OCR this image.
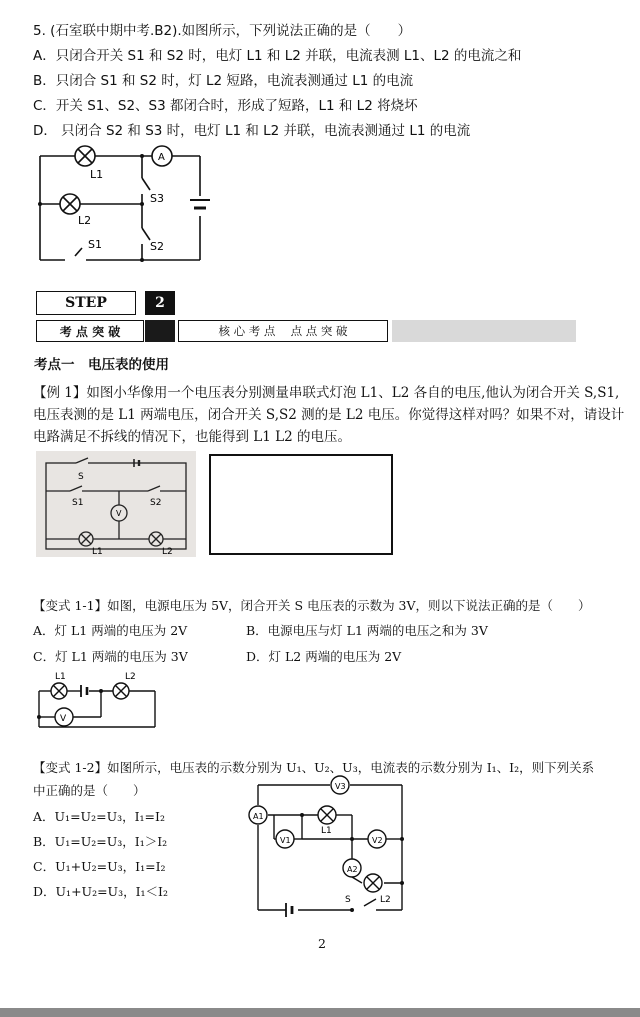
5. (石室联中期中考.B2).如图所示，下列说法正确的是（　　）
A．只闭合开关 S1 和 S2 时，电灯 L1 和 L2 并联，电流表测 L1、L2 的电流之和
B．只闭合 S1 和 S2 时，灯 L2 短路，电流表测通过 L1 的电流
C．开关 S1、S2、S3 都闭合时，形成了短路，L1 和 L2 将烧坏
D． 只闭合 S2 和 S3 时，电灯 L1 和 L2 并联，电流表测通过 L1 的电流
L1
L2
A
S1	S2
S3
STEP	2
考 点 突 破	核 心 考 点　 点 点 突 破
考点一　电压表的使用
【例 1】如图小华像用一个电压表分别测量串联式灯泡 L1、L2 各自的电压,他认为闭合开关 S,S1,
电压表测的是 L1 两端电压，闭合开关 S,S2 测的是 L2 电压。你觉得这样对吗？如果不对，请设计
电路满足不拆线的情况下，也能得到 L1 L2 的电压。
S
S1	S2
V
L1	L2
【变式 1-1】如图，电源电压为 5V，闭合开关 S 电压表的示数为 3V，则以下说法正确的是（　　）
A．灯 L1 两端的电压为 2V	B．电源电压与灯 L1 两端的电压之和为 3V
C．灯 L1 两端的电压为 3V	D．灯 L2 两端的电压为 2V
L1	L2
V
【变式 1-2】如图所示，电压表的示数分别为 U₁、U₂、U₃，电流表的示数分别为 I₁、I₂，则下列关系
中正确的是（　　）
A．U₁=U₂=U₃，I₁=I₂
B．U₁=U₂=U₃，I₁＞I₂
C．U₁+U₂=U₃，I₁=I₂
D．U₁+U₂=U₃，I₁＜I₂
V3
A1
V1
L1
V2
A2
S	L2
2
